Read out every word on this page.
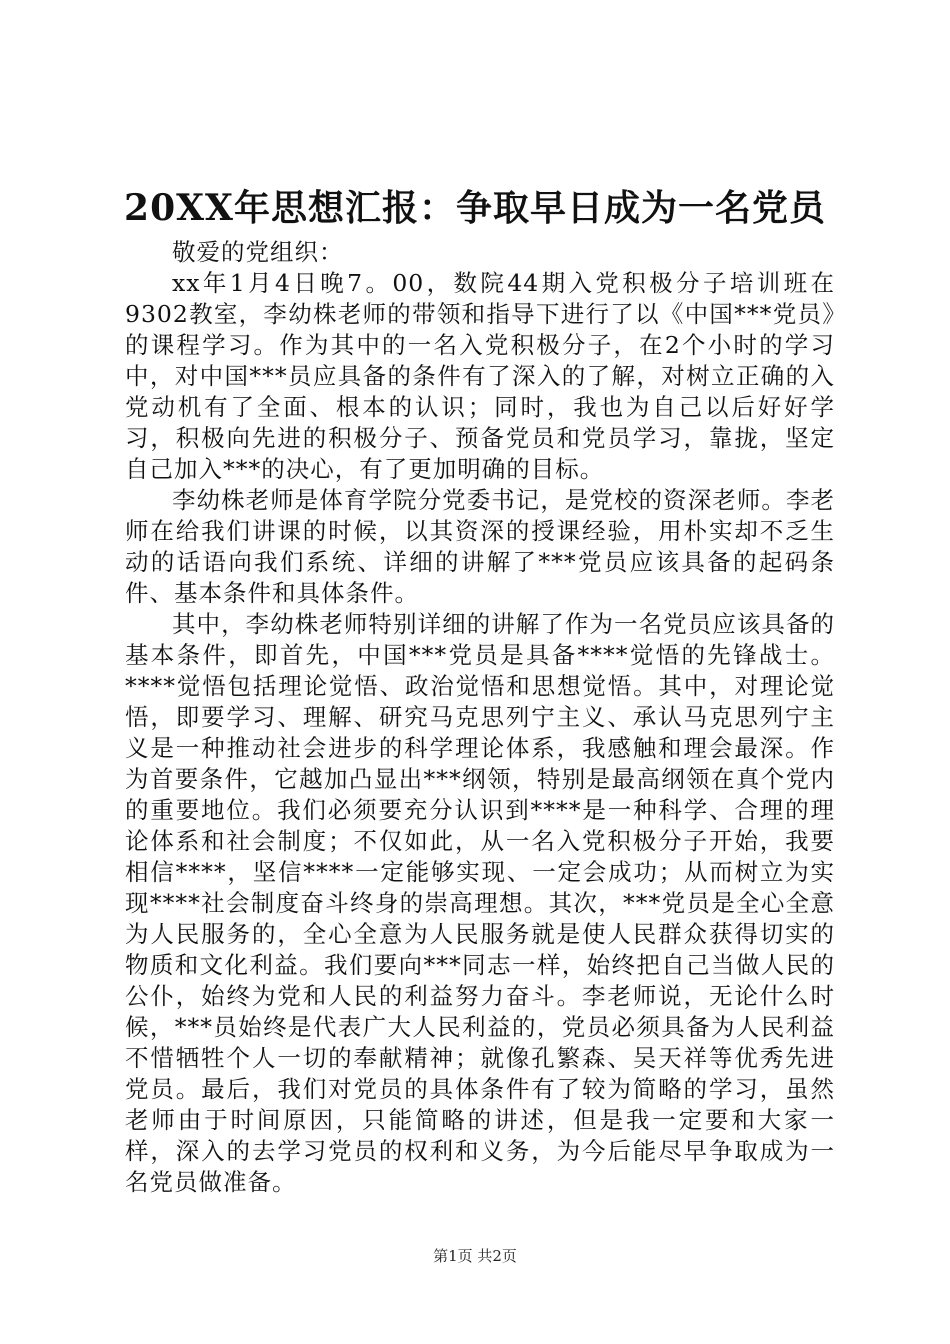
20XX年思想汇报：争取早日成为一名党员

敬爱的党组织：

xx年1月4日晚7。00，数院44期入党积极分子培训班在9302教室，李幼株老师的带领和指导下进行了以《中国***党员》的课程学习。作为其中的一名入党积极分子，在2个小时的学习中，对中国***员应具备的条件有了深入的了解，对树立正确的入党动机有了全面、根本的认识；同时，我也为自己以后好好学习，积极向先进的积极分子、预备党员和党员学习，靠拢，坚定自己加入***的决心，有了更加明确的目标。

李幼株老师是体育学院分党委书记，是党校的资深老师。李老师在给我们讲课的时候，以其资深的授课经验，用朴实却不乏生动的话语向我们系统、详细的讲解了***党员应该具备的起码条件、基本条件和具体条件。

其中，李幼株老师特别详细的讲解了作为一名党员应该具备的基本条件，即首先，中国***党员是具备****觉悟的先锋战士。****觉悟包括理论觉悟、政治觉悟和思想觉悟。其中，对理论觉悟，即要学习、理解、研究马克思列宁主义、承认马克思列宁主义是一种推动社会进步的科学理论体系，我感触和理会最深。作为首要条件，它越加凸显出***纲领，特别是最高纲领在真个党内的重要地位。我们必须要充分认识到****是一种科学、合理的理论体系和社会制度；不仅如此，从一名入党积极分子开始，我要相信****，坚信****一定能够实现、一定会成功；从而树立为实现****社会制度奋斗终身的崇高理想。其次，***党员是全心全意为人民服务的，全心全意为人民服务就是使人民群众获得切实的物质和文化利益。我们要向***同志一样，始终把自己当做人民的公仆，始终为党和人民的利益努力奋斗。李老师说，无论什么时候，***员始终是代表广大人民利益的，党员必须具备为人民利益不惜牺牲个人一切的奉献精神；就像孔繁森、吴天祥等优秀先进党员。最后，我们对党员的具体条件有了较为简略的学习，虽然老师由于时间原因，只能简略的讲述，但是我一定要和大家一样，深入的去学习党员的权利和义务，为今后能尽早争取成为一名党员做准备。

第1页 共2页
